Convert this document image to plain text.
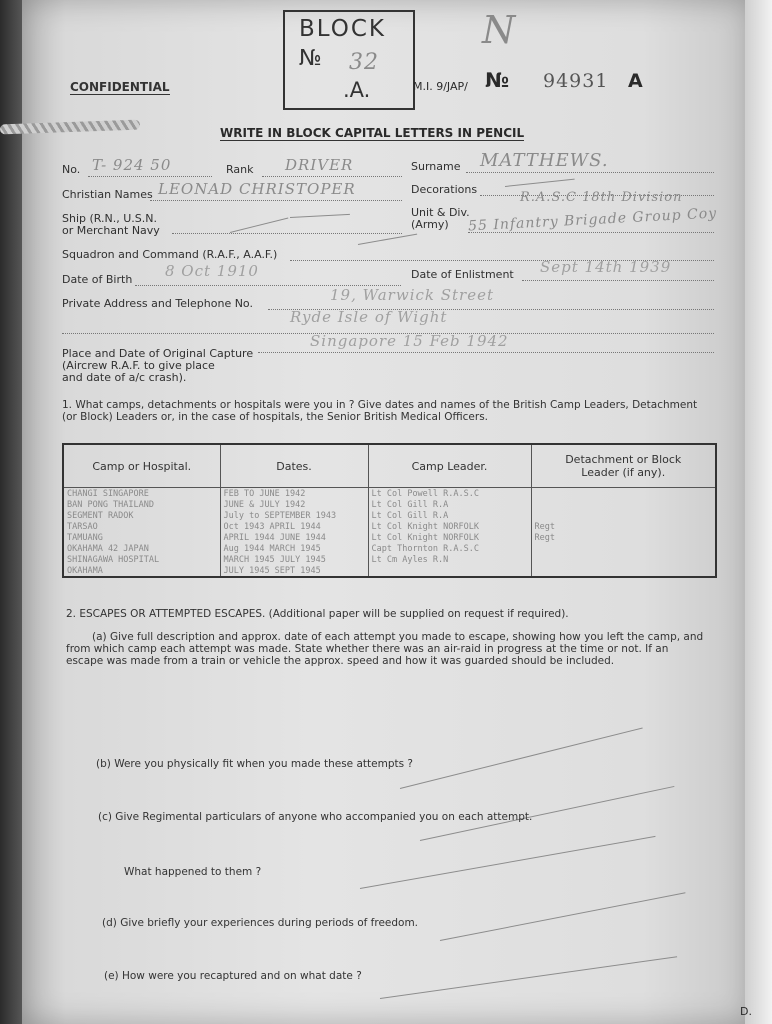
N
CONFIDENTIAL
BLOCK
№ 32
.A.	M.I. 9/JAP/ № 94931 A
WRITE IN BLOCK CAPITAL LETTERS IN PENCIL
No. T- 924 50	Rank DRIVER	Surname MATTHEWS.
Christian Names LEONAD CHRISTOPER	Decorations
Ship (R.N., U.S.N.
or Merchant Navy
Unit & Div.
(Army)
R.A.S.C 18th Division
55 Infantry Brigade Group Coy
Squadron and Command (R.A.F., A.A.F.)
Date of Birth 8 Oct 1910	Date of Enlistment Sept 14th 1939
Private Address and Telephone No.	19, Warwick Street
Ryde Isle of Wight
Place and Date of Original Capture
(Aircrew R.A.F. to give place
and date of a/c crash).
Singapore 15 Feb 1942
1. What camps, detachments or hospitals were you in ? Give dates and names of the British Camp Leaders, Detachment
(or Block) Leaders or, in the case of hospitals, the Senior British Medical Officers.
Camp or Hospital.	Dates.	Camp Leader.	Detachment or Block Leader (if any).
CHANGI SINGAPORE	FEB TO JUNE 1942	Lt Col Powell R.A.S.C	
BAN PONG THAILAND	JUNE & JULY 1942	Lt Col Gill R.A	
SEGMENT RADOK	July to SEPTEMBER 1943	Lt Col Gill R.A	
TARSAO	Oct 1943 APRIL 1944	Lt Col Knight NORFOLK	Regt
TAMUANG	APRIL 1944 JUNE 1944	Lt Col Knight NORFOLK	Regt
OKAHAMA 42 JAPAN	Aug 1944 MARCH 1945	Capt Thornton R.A.S.C	
SHINAGAWA HOSPITAL	MARCH 1945 JULY 1945	Lt Cm Ayles R.N	
OKAHAMA	JULY 1945 SEPT 1945		
2. ESCAPES OR ATTEMPTED ESCAPES. (Additional paper will be supplied on request if required).
(a) Give full description and approx. date of each attempt you made to escape, showing how you left the camp, and
from which camp each attempt was made. State whether there was an air-raid in progress at the time or not. If an
escape was made from a train or vehicle the approx. speed and how it was guarded should be included.
(b) Were you physically fit when you made these attempts ?
(c) Give Regimental particulars of anyone who accompanied you on each attempt.
What happened to them ?
(d) Give briefly your experiences during periods of freedom.
(e) How were you recaptured and on what date ?
D.
